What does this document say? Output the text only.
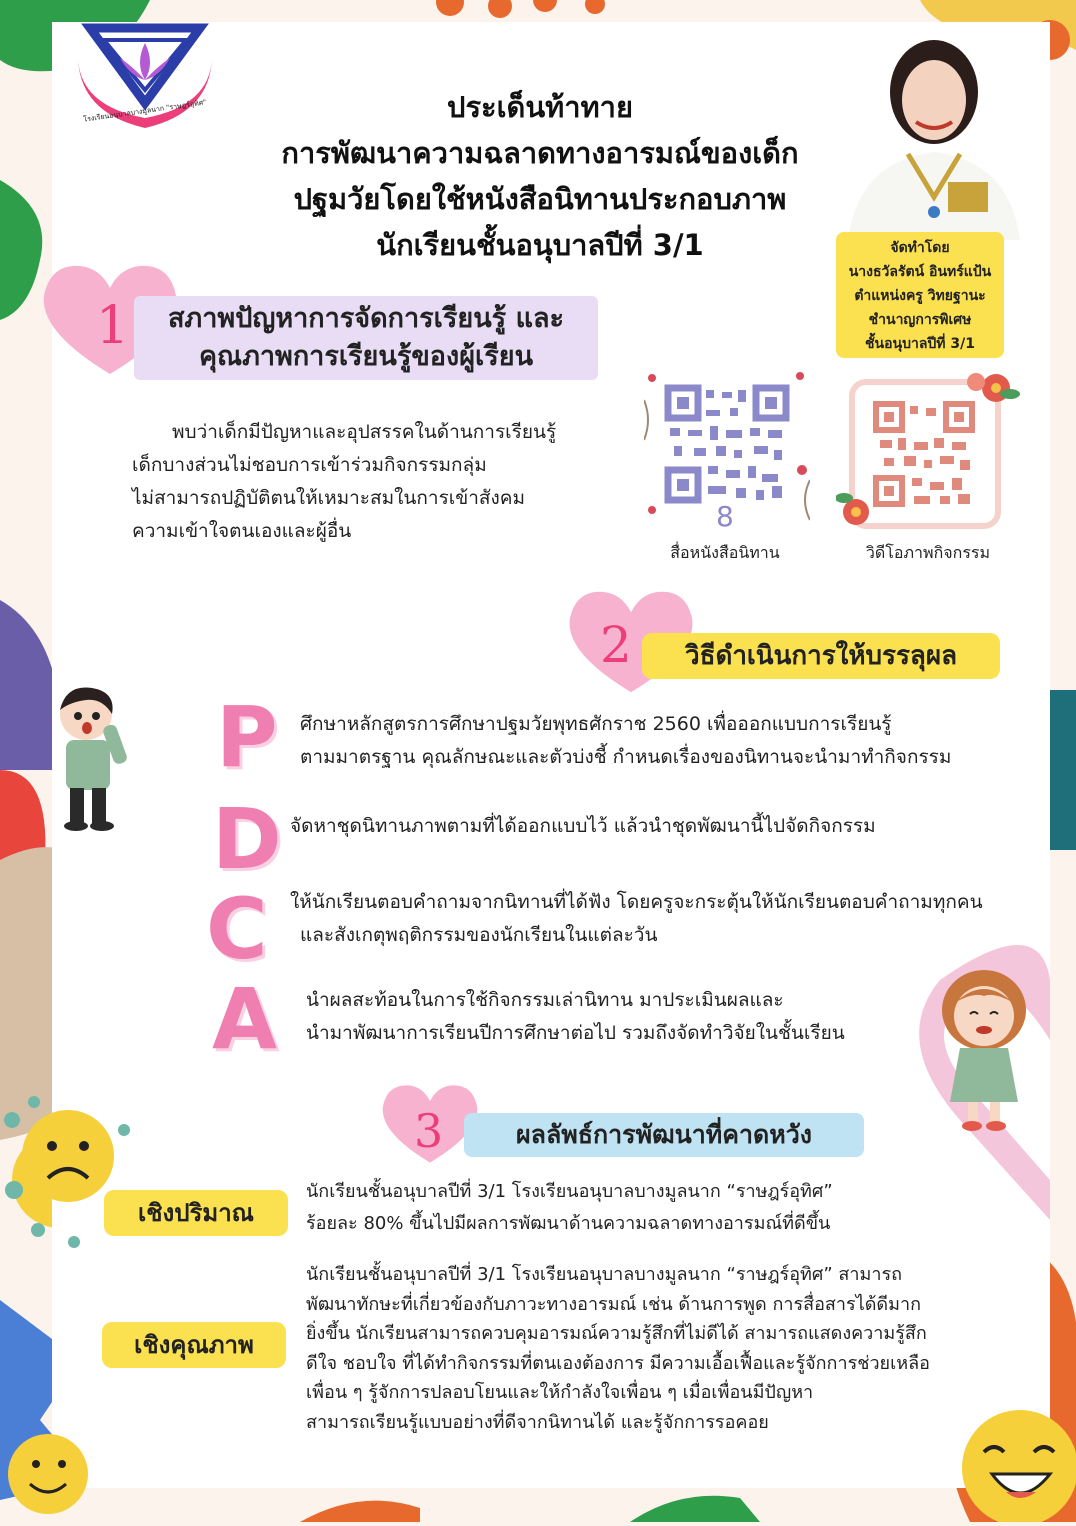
โรงเรียนอนุบาลบางมูลนาก "ราษฎร์อุทิศ"	ประเด็นท้าทาย
การพัฒนาความฉลาดทางอารมณ์ของเด็ก
ปฐมวัยโดยใช้หนังสือนิทานประกอบภาพ
นักเรียนชั้นอนุบาลปีที่ 3/1	จัดทำโดย
นางธวัลรัตน์ อินทร์แป้น
ตำแหน่งครู วิทยฐานะ
ชำนาญการพิเศษ
ชั้นอนุบาลปีที่ 3/1
1	สภาพปัญหาการจัดการเรียนรู้ และ
คุณภาพการเรียนรู้ของผู้เรียน
พบว่าเด็กมีปัญหาและอุปสรรคในด้านการเรียนรู้
เด็กบางส่วนไม่ชอบการเข้าร่วมกิจกรรมกลุ่ม
ไม่สามารถปฏิบัติตนให้เหมาะสมในการเข้าสังคม
ความเข้าใจตนเองและผู้อื่น	8
สื่อหนังสือนิทาน	วิดีโอภาพกิจกรรม
2	วิธีดำเนินการให้บรรลุผล
P ศึกษาหลักสูตรการศึกษาปฐมวัยพุทธศักราช 2560 เพื่อออกแบบการเรียนรู้
ตามมาตรฐาน คุณลักษณะและตัวบ่งชี้ กำหนดเรื่องของนิทานจะนำมาทำกิจกรรม
D จัดหาชุดนิทานภาพตามที่ได้ออกแบบไว้ แล้วนำชุดพัฒนานี้ไปจัดกิจกรรม
C ให้นักเรียนตอบคำถามจากนิทานที่ได้ฟัง โดยครูจะกระตุ้นให้นักเรียนตอบคำถามทุกคน
และสังเกตุพฤติกรรมของนักเรียนในแต่ละวัน
A นำผลสะท้อนในการใช้กิจกรรมเล่านิทาน มาประเมินผลและ
นำมาพัฒนาการเรียนปีการศึกษาต่อไป รวมถึงจัดทำวิจัยในชั้นเรียน
3	ผลลัพธ์การพัฒนาที่คาดหวัง
เชิงปริมาณ
นักเรียนชั้นอนุบาลปีที่ 3/1 โรงเรียนอนุบาลบางมูลนาก “ราษฎร์อุทิศ”
ร้อยละ 80% ขึ้นไปมีผลการพัฒนาด้านความฉลาดทางอารมณ์ที่ดีขึ้น
เชิงคุณภาพ
นักเรียนชั้นอนุบาลปีที่ 3/1 โรงเรียนอนุบาลบางมูลนาก “ราษฎร์อุทิศ” สามารถ
พัฒนาทักษะที่เกี่ยวข้องกับภาวะทางอารมณ์ เช่น ด้านการพูด การสื่อสารได้ดีมาก
ยิ่งขึ้น นักเรียนสามารถควบคุมอารมณ์ความรู้สึกที่ไม่ดีได้ สามารถแสดงความรู้สึก
ดีใจ ชอบใจ ที่ได้ทำกิจกรรมที่ตนเองต้องการ มีความเอื้อเฟื้อและรู้จักการช่วยเหลือ
เพื่อน ๆ รู้จักการปลอบโยนและให้กำลังใจเพื่อน ๆ เมื่อเพื่อนมีปัญหา
สามารถเรียนรู้แบบอย่างที่ดีจากนิทานได้ และรู้จักการรอคอย
